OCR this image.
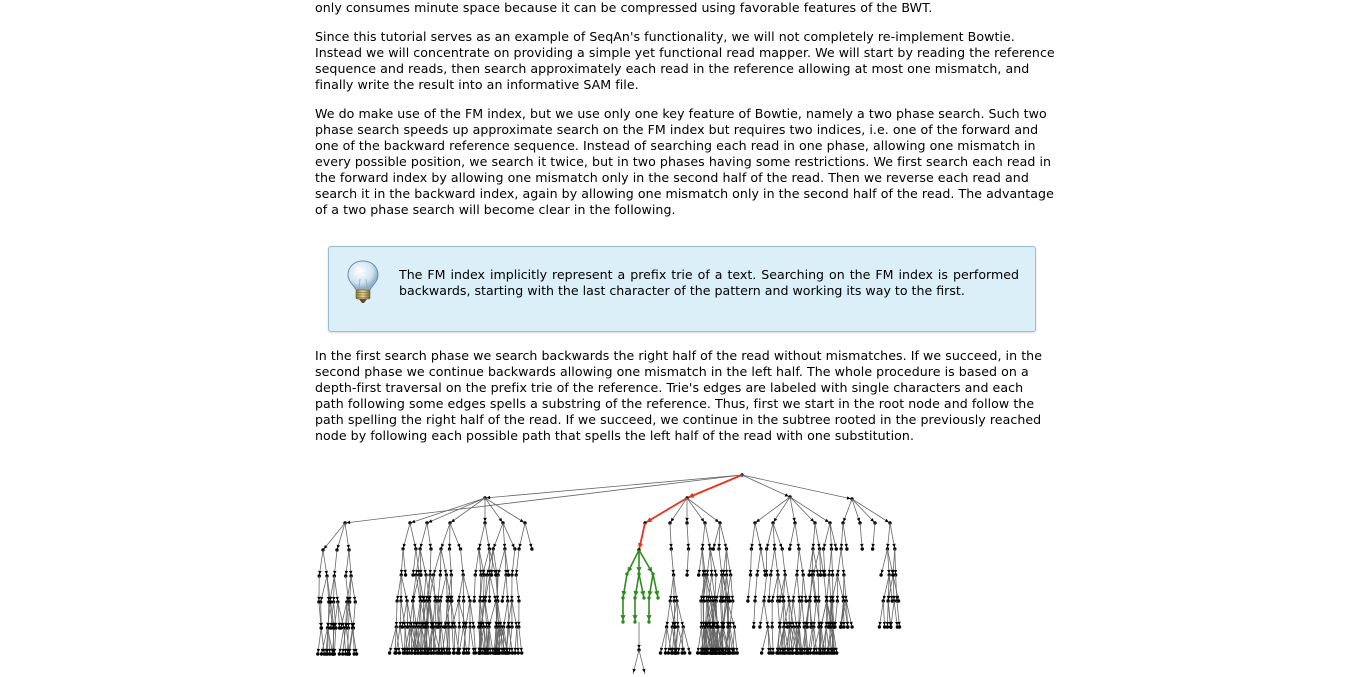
only consumes minute space because it can be compressed using favorable features of the BWT.

Since this tutorial serves as an example of SeqAn's functionality, we will not completely re-implement Bowtie. Instead we will concentrate on providing a simple yet functional read mapper. We will start by reading the reference sequence and reads, then search approximately each read in the reference allowing at most one mismatch, and finally write the result into an informative SAM file.

We do make use of the FM index, but we use only one key feature of Bowtie, namely a two phase search. Such two phase search speeds up approximate search on the FM index but requires two indices, i.e. one of the forward and one of the backward reference sequence. Instead of searching each read in one phase, allowing one mismatch in every possible position, we search it twice, but in two phases having some restrictions. We first search each read in the forward index by allowing one mismatch only in the second half of the read. Then we reverse each read and search it in the backward index, again by allowing one mismatch only in the second half of the read. The advantage of a two phase search will become clear in the following.

The FM index implicitly represent a prefix trie of a text. Searching on the FM index is performed backwards, starting with the last character of the pattern and working its way to the first.

In the first search phase we search backwards the right half of the read without mismatches. If we succeed, in the second phase we continue backwards allowing one mismatch in the left half. The whole procedure is based on a depth-first traversal on the prefix trie of the reference. Trie's edges are labeled with single characters and each path following some edges spells a substring of the reference. Thus, first we start in the root node and follow the path spelling the right half of the read. If we succeed, we continue in the subtree rooted in the previously reached node by following each possible path that spells the left half of the read with one substitution.
